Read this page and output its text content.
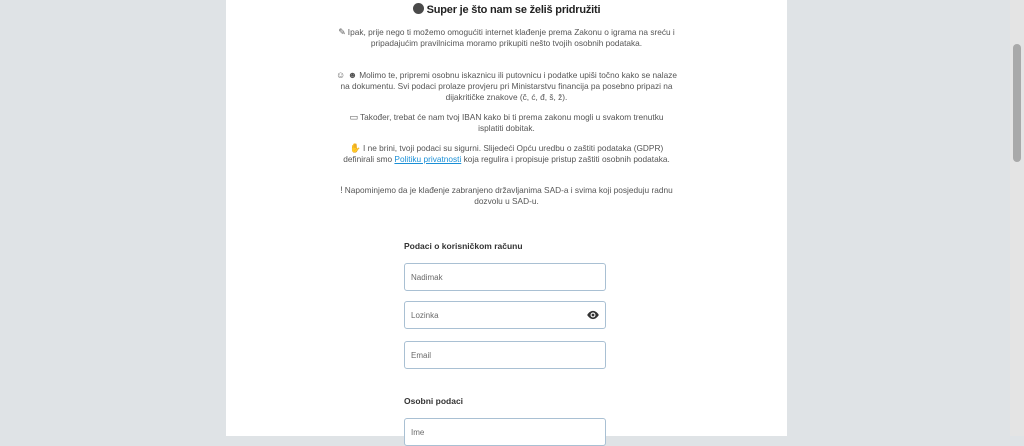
Super je što nam se želiš pridružiti
✎ Ipak, prije nego ti možemo omogućiti internet klađenje prema Zakonu o igrama na sreću i pripadajućim pravilnicima moramo prikupiti nešto tvojih osobnih podataka.
☺ ☻ Molimo te, pripremi osobnu iskaznicu ili putovnicu i podatke upiši točno kako se nalaze na dokumentu. Svi podaci prolaze provjeru pri Ministarstvu financija pa posebno pripazi na dijakritičke znakove (č, ć, đ, š, ž).
▭ Također, trebat će nam tvoj IBAN kako bi ti prema zakonu mogli u svakom trenutku isplatiti dobitak.
✋ I ne brini, tvoji podaci su sigurni. Slijedeći Opću uredbu o zaštiti podataka (GDPR) definirali smo Politiku privatnosti koja regulira i propisuje pristup zaštiti osobnih podataka.
! Napominjemo da je klađenje zabranjeno državljanima SAD-a i svima koji posjeduju radnu dozvolu u SAD-u.
Podaci o korisničkom računu
Nadimak
Email
Osobni podaci
Ime
